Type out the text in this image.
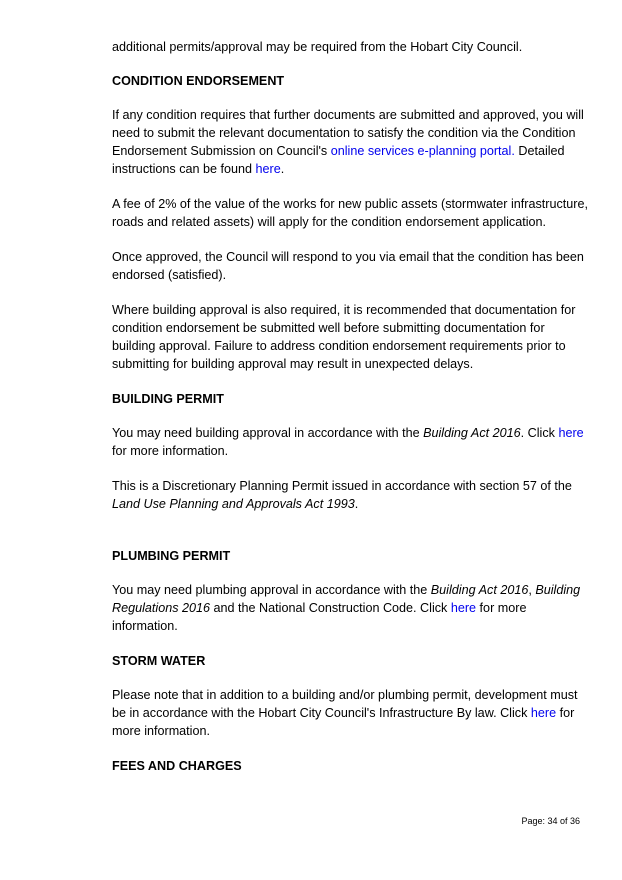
additional permits/approval may be required from the Hobart City Council.

CONDITION ENDORSEMENT

If any condition requires that further documents are submitted and approved, you will need to submit the relevant documentation to satisfy the condition via the Condition Endorsement Submission on Council's online services e-planning portal. Detailed instructions can be found here.

A fee of 2% of the value of the works for new public assets (stormwater infrastructure, roads and related assets) will apply for the condition endorsement application.

Once approved, the Council will respond to you via email that the condition has been endorsed (satisfied).

Where building approval is also required, it is recommended that documentation for condition endorsement be submitted well before submitting documentation for building approval. Failure to address condition endorsement requirements prior to submitting for building approval may result in unexpected delays.

BUILDING PERMIT

You may need building approval in accordance with the Building Act 2016. Click here for more information.

This is a Discretionary Planning Permit issued in accordance with section 57 of the Land Use Planning and Approvals Act 1993.

PLUMBING PERMIT

You may need plumbing approval in accordance with the Building Act 2016, Building Regulations 2016 and the National Construction Code. Click here for more information.

STORM WATER

Please note that in addition to a building and/or plumbing permit, development must be in accordance with the Hobart City Council's Infrastructure By law. Click here for more information.

FEES AND CHARGES
Page: 34 of 36
